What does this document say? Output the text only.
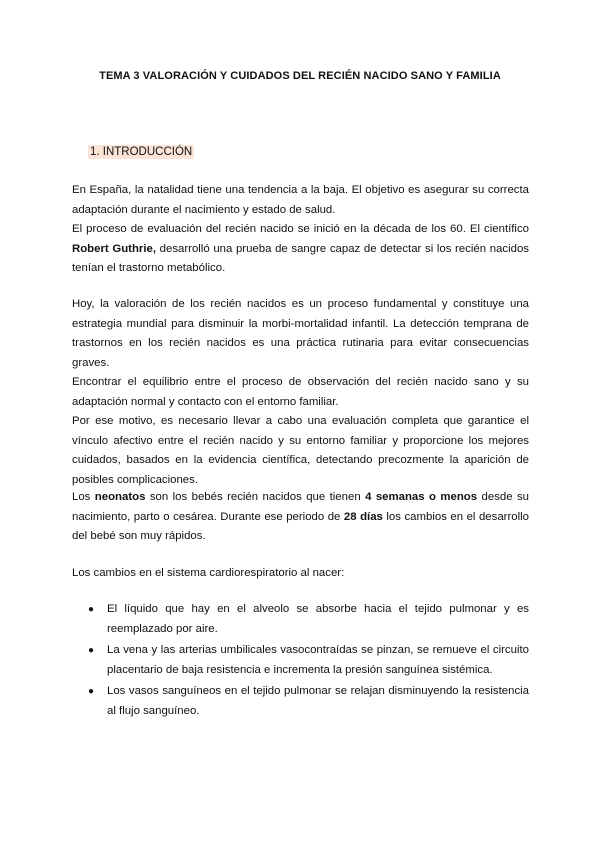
TEMA 3 VALORACIÓN Y CUIDADOS DEL RECIÉN NACIDO SANO Y FAMILIA
1. INTRODUCCIÓN

En España, la natalidad tiene una tendencia a la baja. El objetivo es asegurar su correcta adaptación durante el nacimiento y estado de salud.

El proceso de evaluación del recién nacido se inició en la década de los 60. El científico Robert Guthrie, desarrolló una prueba de sangre capaz de detectar si los recién nacidos tenían el trastorno metabólico.

Hoy, la valoración de los recién nacidos es un proceso fundamental y constituye una estrategia mundial para disminuir la morbi-mortalidad infantil. La detección temprana de trastornos en los recién nacidos es una práctica rutinaria para evitar consecuencias graves.

Encontrar el equilibrio entre el proceso de observación del recién nacido sano y su adaptación normal y contacto con el entorno familiar.

Por ese motivo, es necesario llevar a cabo una evaluación completa que garantice el vínculo afectivo entre el recién nacido y su entorno familiar y proporcione los mejores cuidados, basados en la evidencia científica, detectando precozmente la aparición de posibles complicaciones.

Los neonatos son los bebés recién nacidos que tienen 4 semanas o menos desde su nacimiento, parto o cesárea. Durante ese periodo de 28 días los cambios en el desarrollo del bebé son muy rápidos.

Los cambios en el sistema cardiorespiratorio al nacer:

● El líquido que hay en el alveolo se absorbe hacia el tejido pulmonar y es reemplazado por aire.
● La vena y las arterias umbilicales vasocontraídas se pinzan, se remueve el circuito placentario de baja resistencia e incrementa la presión sanguínea sistémica.
● Los vasos sanguíneos en el tejido pulmonar se relajan disminuyendo la resistencia al flujo sanguíneo.
